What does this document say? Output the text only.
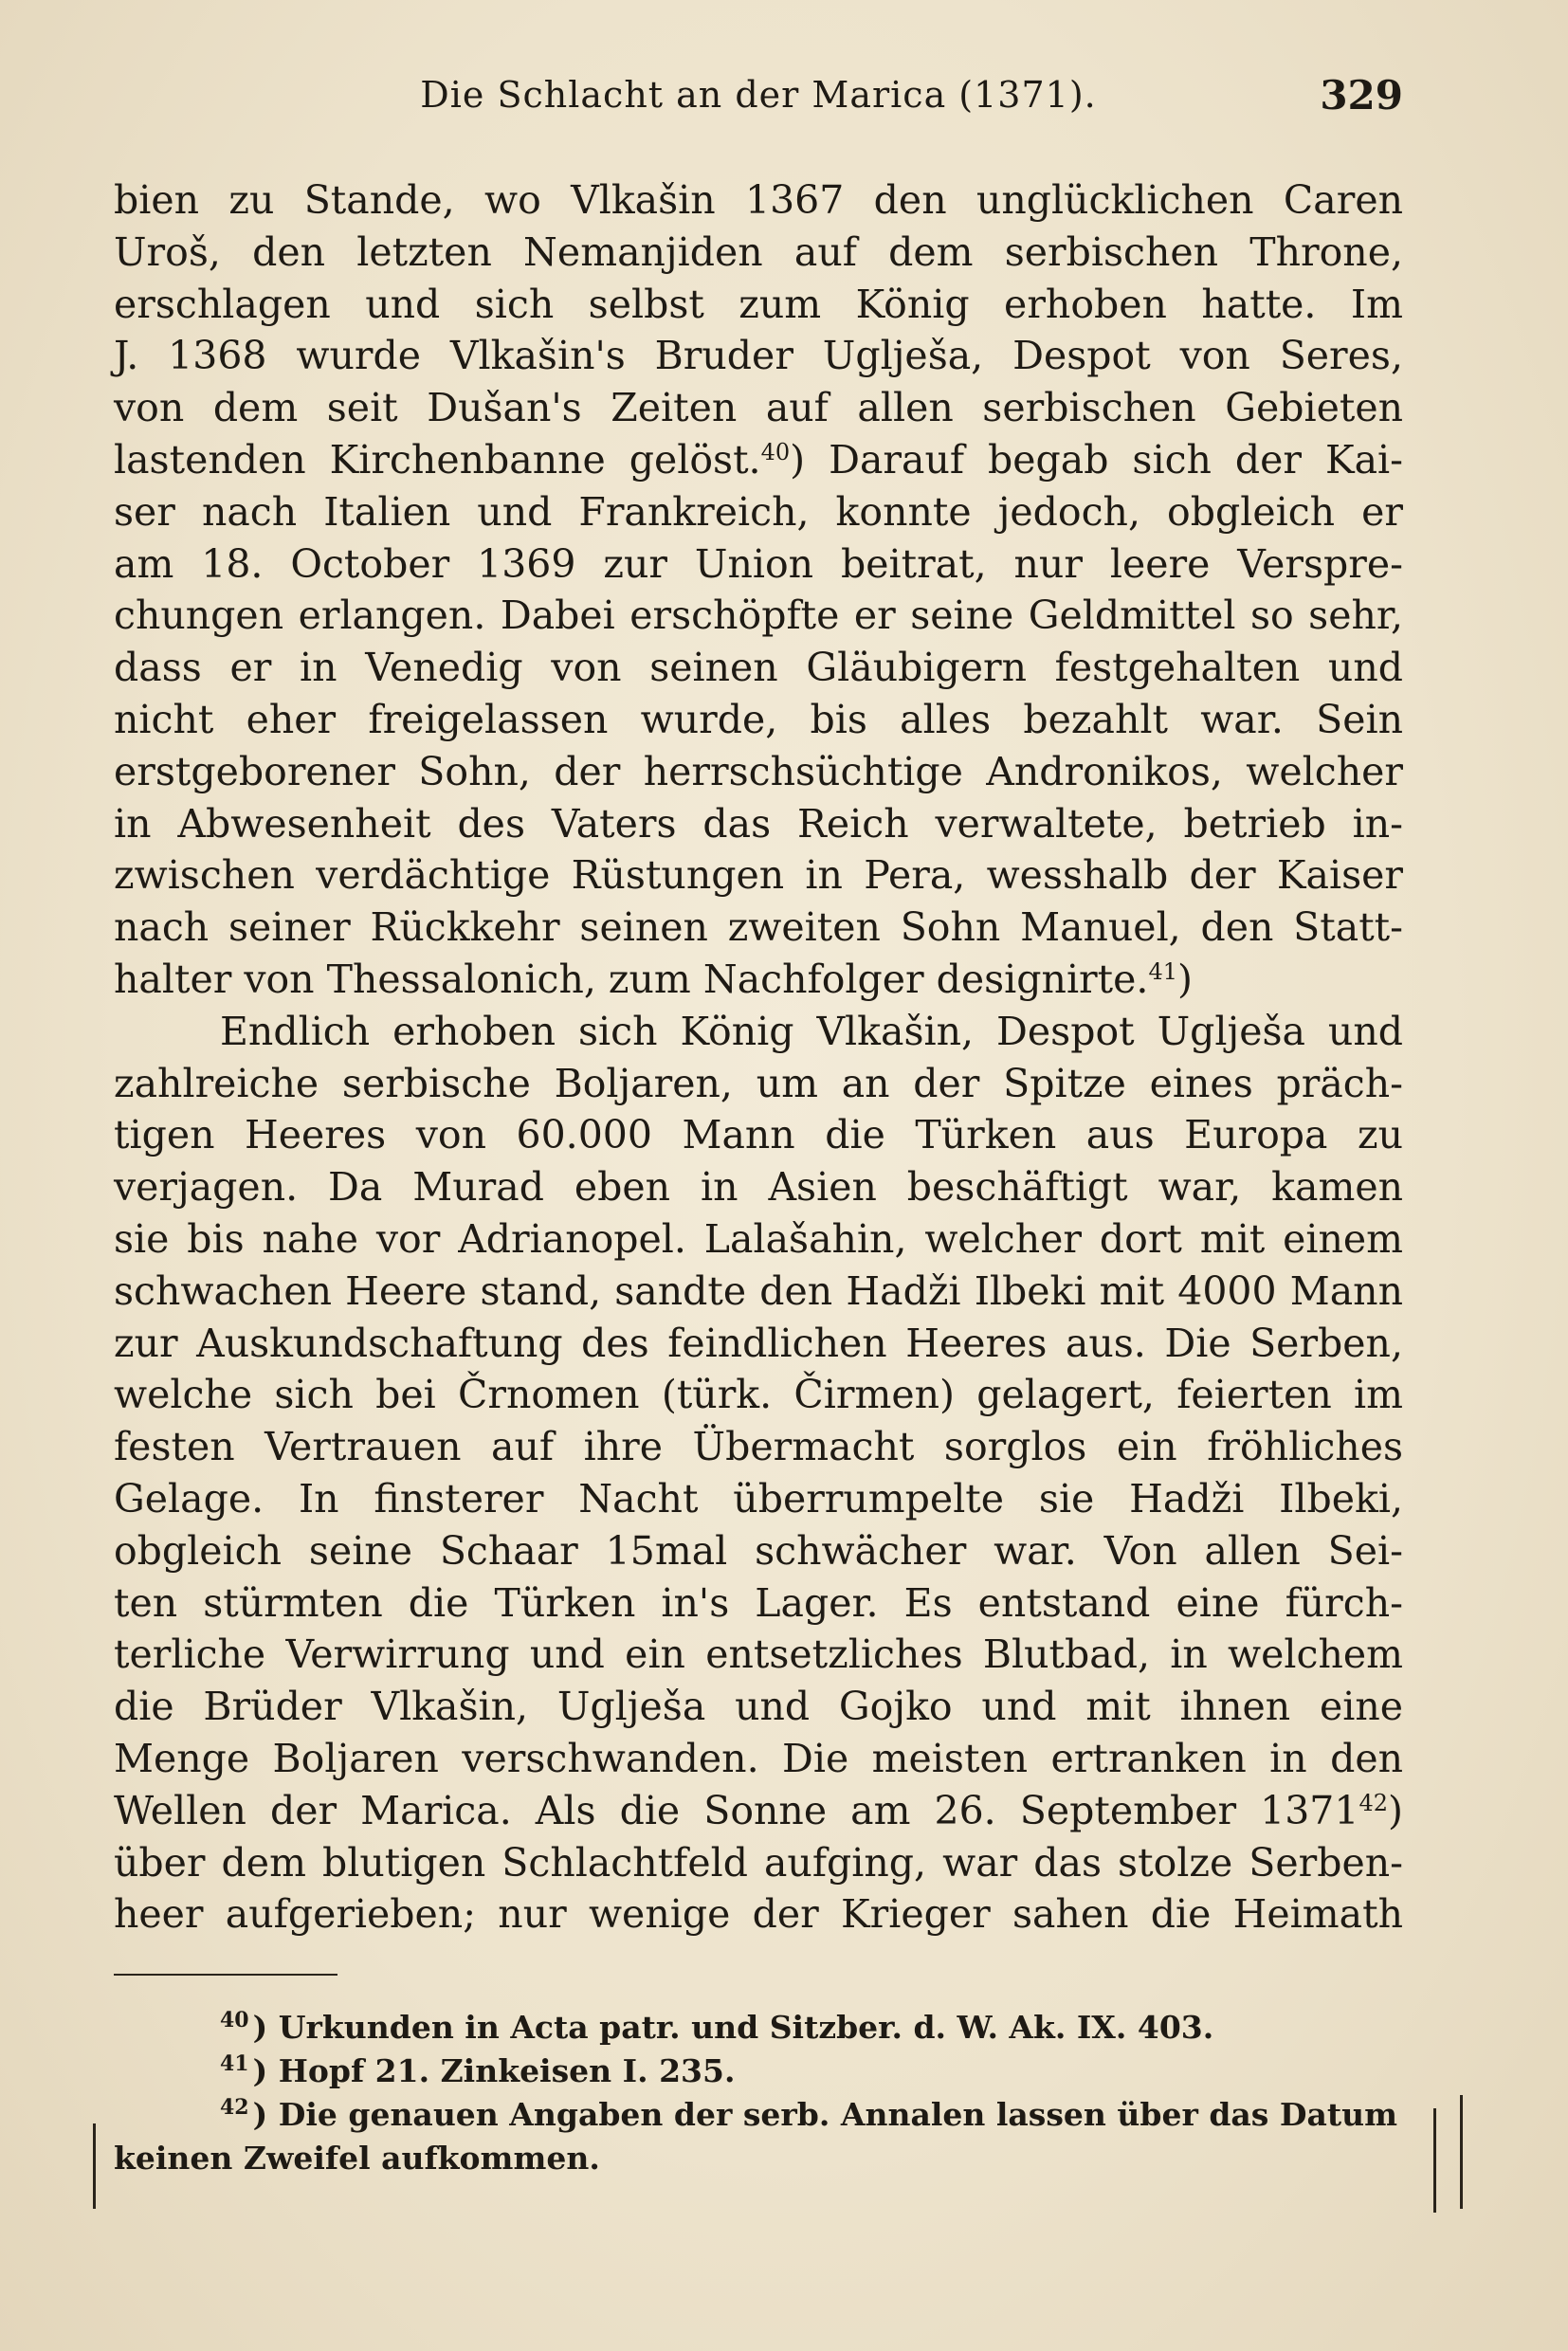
Die Schlacht an der Marica (1371).	329
bien zu Stande, wo Vlkašin 1367 den unglücklichen Caren
Uroš, den letzten Nemanjiden auf dem serbischen Throne,
erschlagen und sich selbst zum König erhoben hatte. Im
J. 1368 wurde Vlkašin's Bruder Uglješa, Despot von Seres,
von dem seit Dušan's Zeiten auf allen serbischen Gebieten
lastenden Kirchenbanne gelöst.$^{40}$) Darauf begab sich der Kai-
ser nach Italien und Frankreich, konnte jedoch, obgleich er
am 18. October 1369 zur Union beitrat, nur leere Verspre-
chungen erlangen. Dabei erschöpfte er seine Geldmittel so sehr,
dass er in Venedig von seinen Gläubigern festgehalten und
nicht eher freigelassen wurde, bis alles bezahlt war. Sein
erstgeborener Sohn, der herrschsüchtige Andronikos, welcher
in Abwesenheit des Vaters das Reich verwaltete, betrieb in-
zwischen verdächtige Rüstungen in Pera, wesshalb der Kaiser
nach seiner Rückkehr seinen zweiten Sohn Manuel, den Statt-
halter von Thessalonich, zum Nachfolger designirte.$^{41}$)
Endlich erhoben sich König Vlkašin, Despot Uglješa und
zahlreiche serbische Boljaren, um an der Spitze eines präch-
tigen Heeres von 60.000 Mann die Türken aus Europa zu
verjagen. Da Murad eben in Asien beschäftigt war, kamen
sie bis nahe vor Adrianopel. Lalašahin, welcher dort mit einem
schwachen Heere stand, sandte den Hadži Ilbeki mit 4000 Mann
zur Auskundschaftung des feindlichen Heeres aus. Die Serben,
welche sich bei Črnomen (türk. Čirmen) gelagert, feierten im
festen Vertrauen auf ihre Übermacht sorglos ein fröhliches
Gelage. In finsterer Nacht überrumpelte sie Hadži Ilbeki,
obgleich seine Schaar 15mal schwächer war. Von allen Sei-
ten stürmten die Türken in's Lager. Es entstand eine fürch-
terliche Verwirrung und ein entsetzliches Blutbad, in welchem
die Brüder Vlkašin, Uglješa und Gojko und mit ihnen eine
Menge Boljaren verschwanden. Die meisten ertranken in den
Wellen der Marica. Als die Sonne am 26. September 1371$^{42}$)
über dem blutigen Schlachtfeld aufging, war das stolze Serben-
heer aufgerieben; nur wenige der Krieger sahen die Heimath
$^{40}$ ) Urkunden in Acta patr. und Sitzber. d. W. Ak. IX. 403.
$^{41}$ ) Hopf 21. Zinkeisen I. 235.
$^{42}$ ) Die genauen Angaben der serb. Annalen lassen über das Datum
keinen Zweifel aufkommen.
